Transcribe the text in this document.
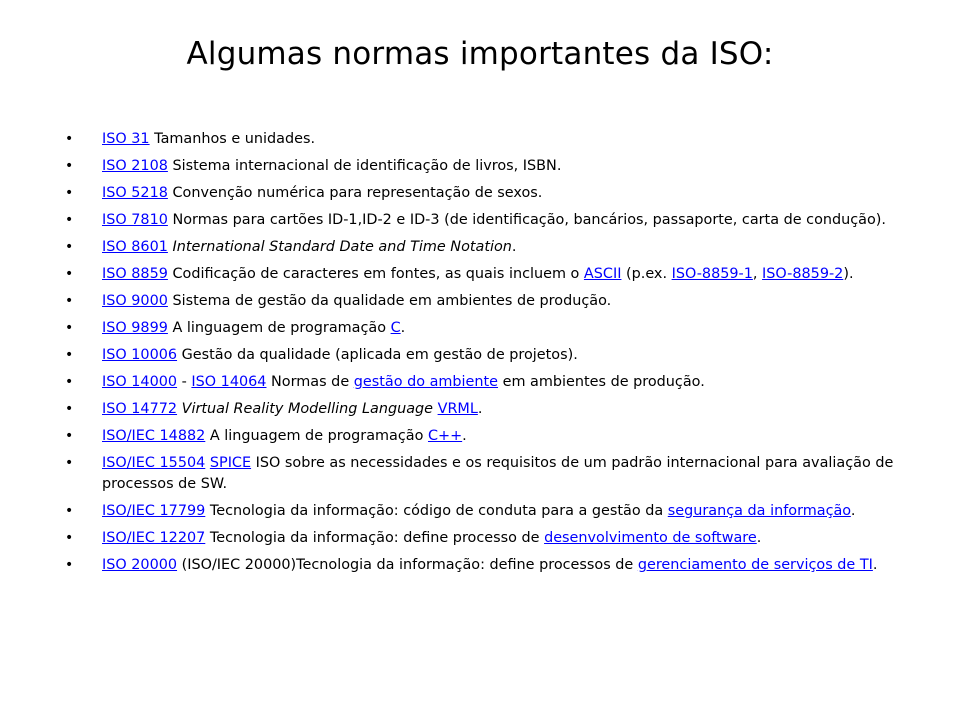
Algumas normas importantes da ISO:
• ISO 31 Tamanhos e unidades.
• ISO 2108 Sistema internacional de identificação de livros, ISBN.
• ISO 5218 Convenção numérica para representação de sexos.
• ISO 7810 Normas para cartões ID-1,ID-2 e ID-3 (de identificação, bancários, passaporte, carta de condução).
• ISO 8601 International Standard Date and Time Notation.
• ISO 8859 Codificação de caracteres em fontes, as quais incluem o ASCII (p.ex. ISO-8859-1, ISO-8859-2).
• ISO 9000 Sistema de gestão da qualidade em ambientes de produção.
• ISO 9899 A linguagem de programação C.
• ISO 10006 Gestão da qualidade (aplicada em gestão de projetos).
• ISO 14000 - ISO 14064 Normas de gestão do ambiente em ambientes de produção.
• ISO 14772 Virtual Reality Modelling Language VRML.
• ISO/IEC 14882 A linguagem de programação C++.
• ISO/IEC 15504 SPICE ISO sobre as necessidades e os requisitos de um padrão internacional para avaliação de processos de SW.
• ISO/IEC 17799 Tecnologia da informação: código de conduta para a gestão da segurança da informação.
• ISO/IEC 12207 Tecnologia da informação: define processo de desenvolvimento de software.
• ISO 20000 (ISO/IEC 20000)Tecnologia da informação: define processos de gerenciamento de serviços de TI.
